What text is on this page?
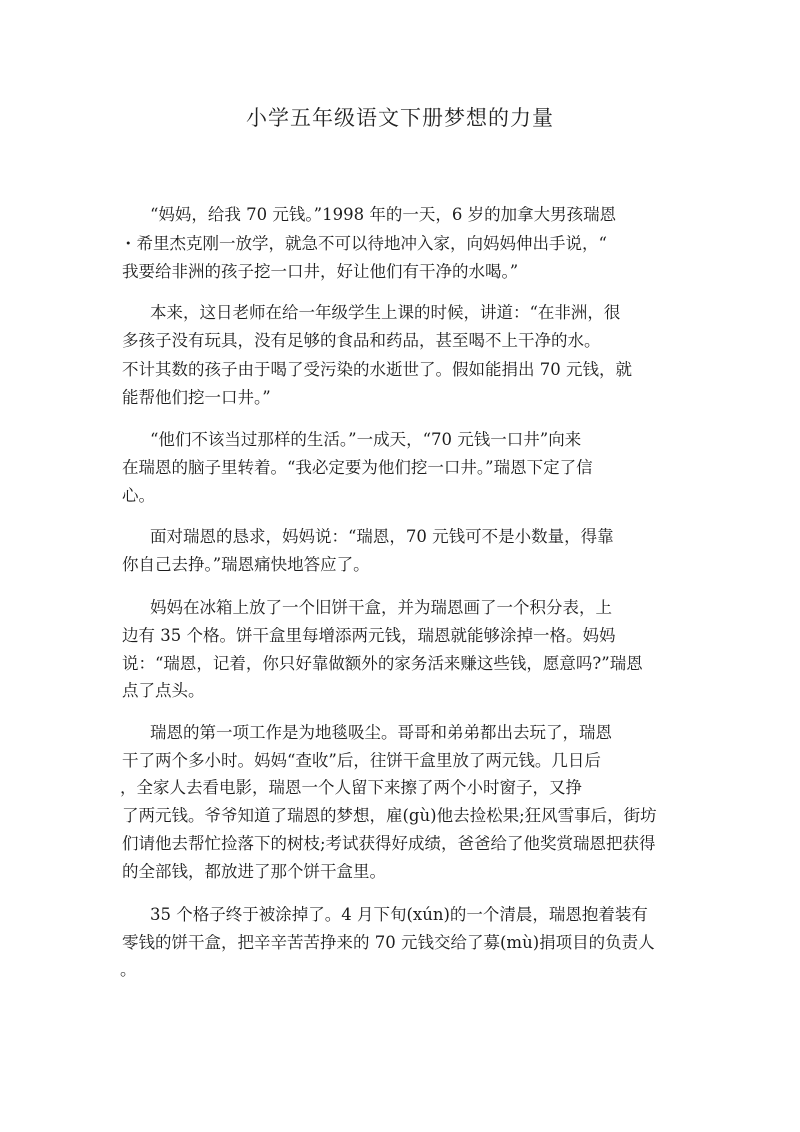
小学五年级语文下册梦想的力量
“妈妈，给我 70 元钱。”1998 年的一天，6 岁的加拿大男孩瑞恩
・希里杰克刚一放学，就急不可以待地冲入家，向妈妈伸出手说，“
我要给非洲的孩子挖一口井，好让他们有干净的水喝。”
本来，这日老师在给一年级学生上课的时候，讲道：“在非洲，很
多孩子没有玩具，没有足够的食品和药品，甚至喝不上干净的水。
不计其数的孩子由于喝了受污染的水逝世了。假如能捐出 70 元钱，就
能帮他们挖一口井。”
“他们不该当过那样的生活。”一成天，“70 元钱一口井”向来
在瑞恩的脑子里转着。“我必定要为他们挖一口井。”瑞恩下定了信
心。
面对瑞恩的恳求，妈妈说：“瑞恩，70 元钱可不是小数量，得靠
你自己去挣。”瑞恩痛快地答应了。
妈妈在冰箱上放了一个旧饼干盒，并为瑞恩画了一个积分表，上
边有 35 个格。饼干盒里每增添两元钱，瑞恩就能够涂掉一格。妈妈
说：“瑞恩，记着，你只好靠做额外的家务活来赚这些钱，愿意吗?”瑞恩
点了点头。
瑞恩的第一项工作是为地毯吸尘。哥哥和弟弟都出去玩了，瑞恩
干了两个多小时。妈妈“查收”后，往饼干盒里放了两元钱。几日后
，全家人去看电影，瑞恩一个人留下来擦了两个小时窗子，又挣
了两元钱。爷爷知道了瑞恩的梦想，雇(gù)他去捡松果;狂风雪事后，街坊
们请他去帮忙捡落下的树枝;考试获得好成绩，爸爸给了他奖赏瑞恩把获得
的全部钱，都放进了那个饼干盒里。
35 个格子终于被涂掉了。4 月下旬(xún)的一个清晨，瑞恩抱着装有
零钱的饼干盒，把辛辛苦苦挣来的 70 元钱交给了募(mù)捐项目的负责人
。
